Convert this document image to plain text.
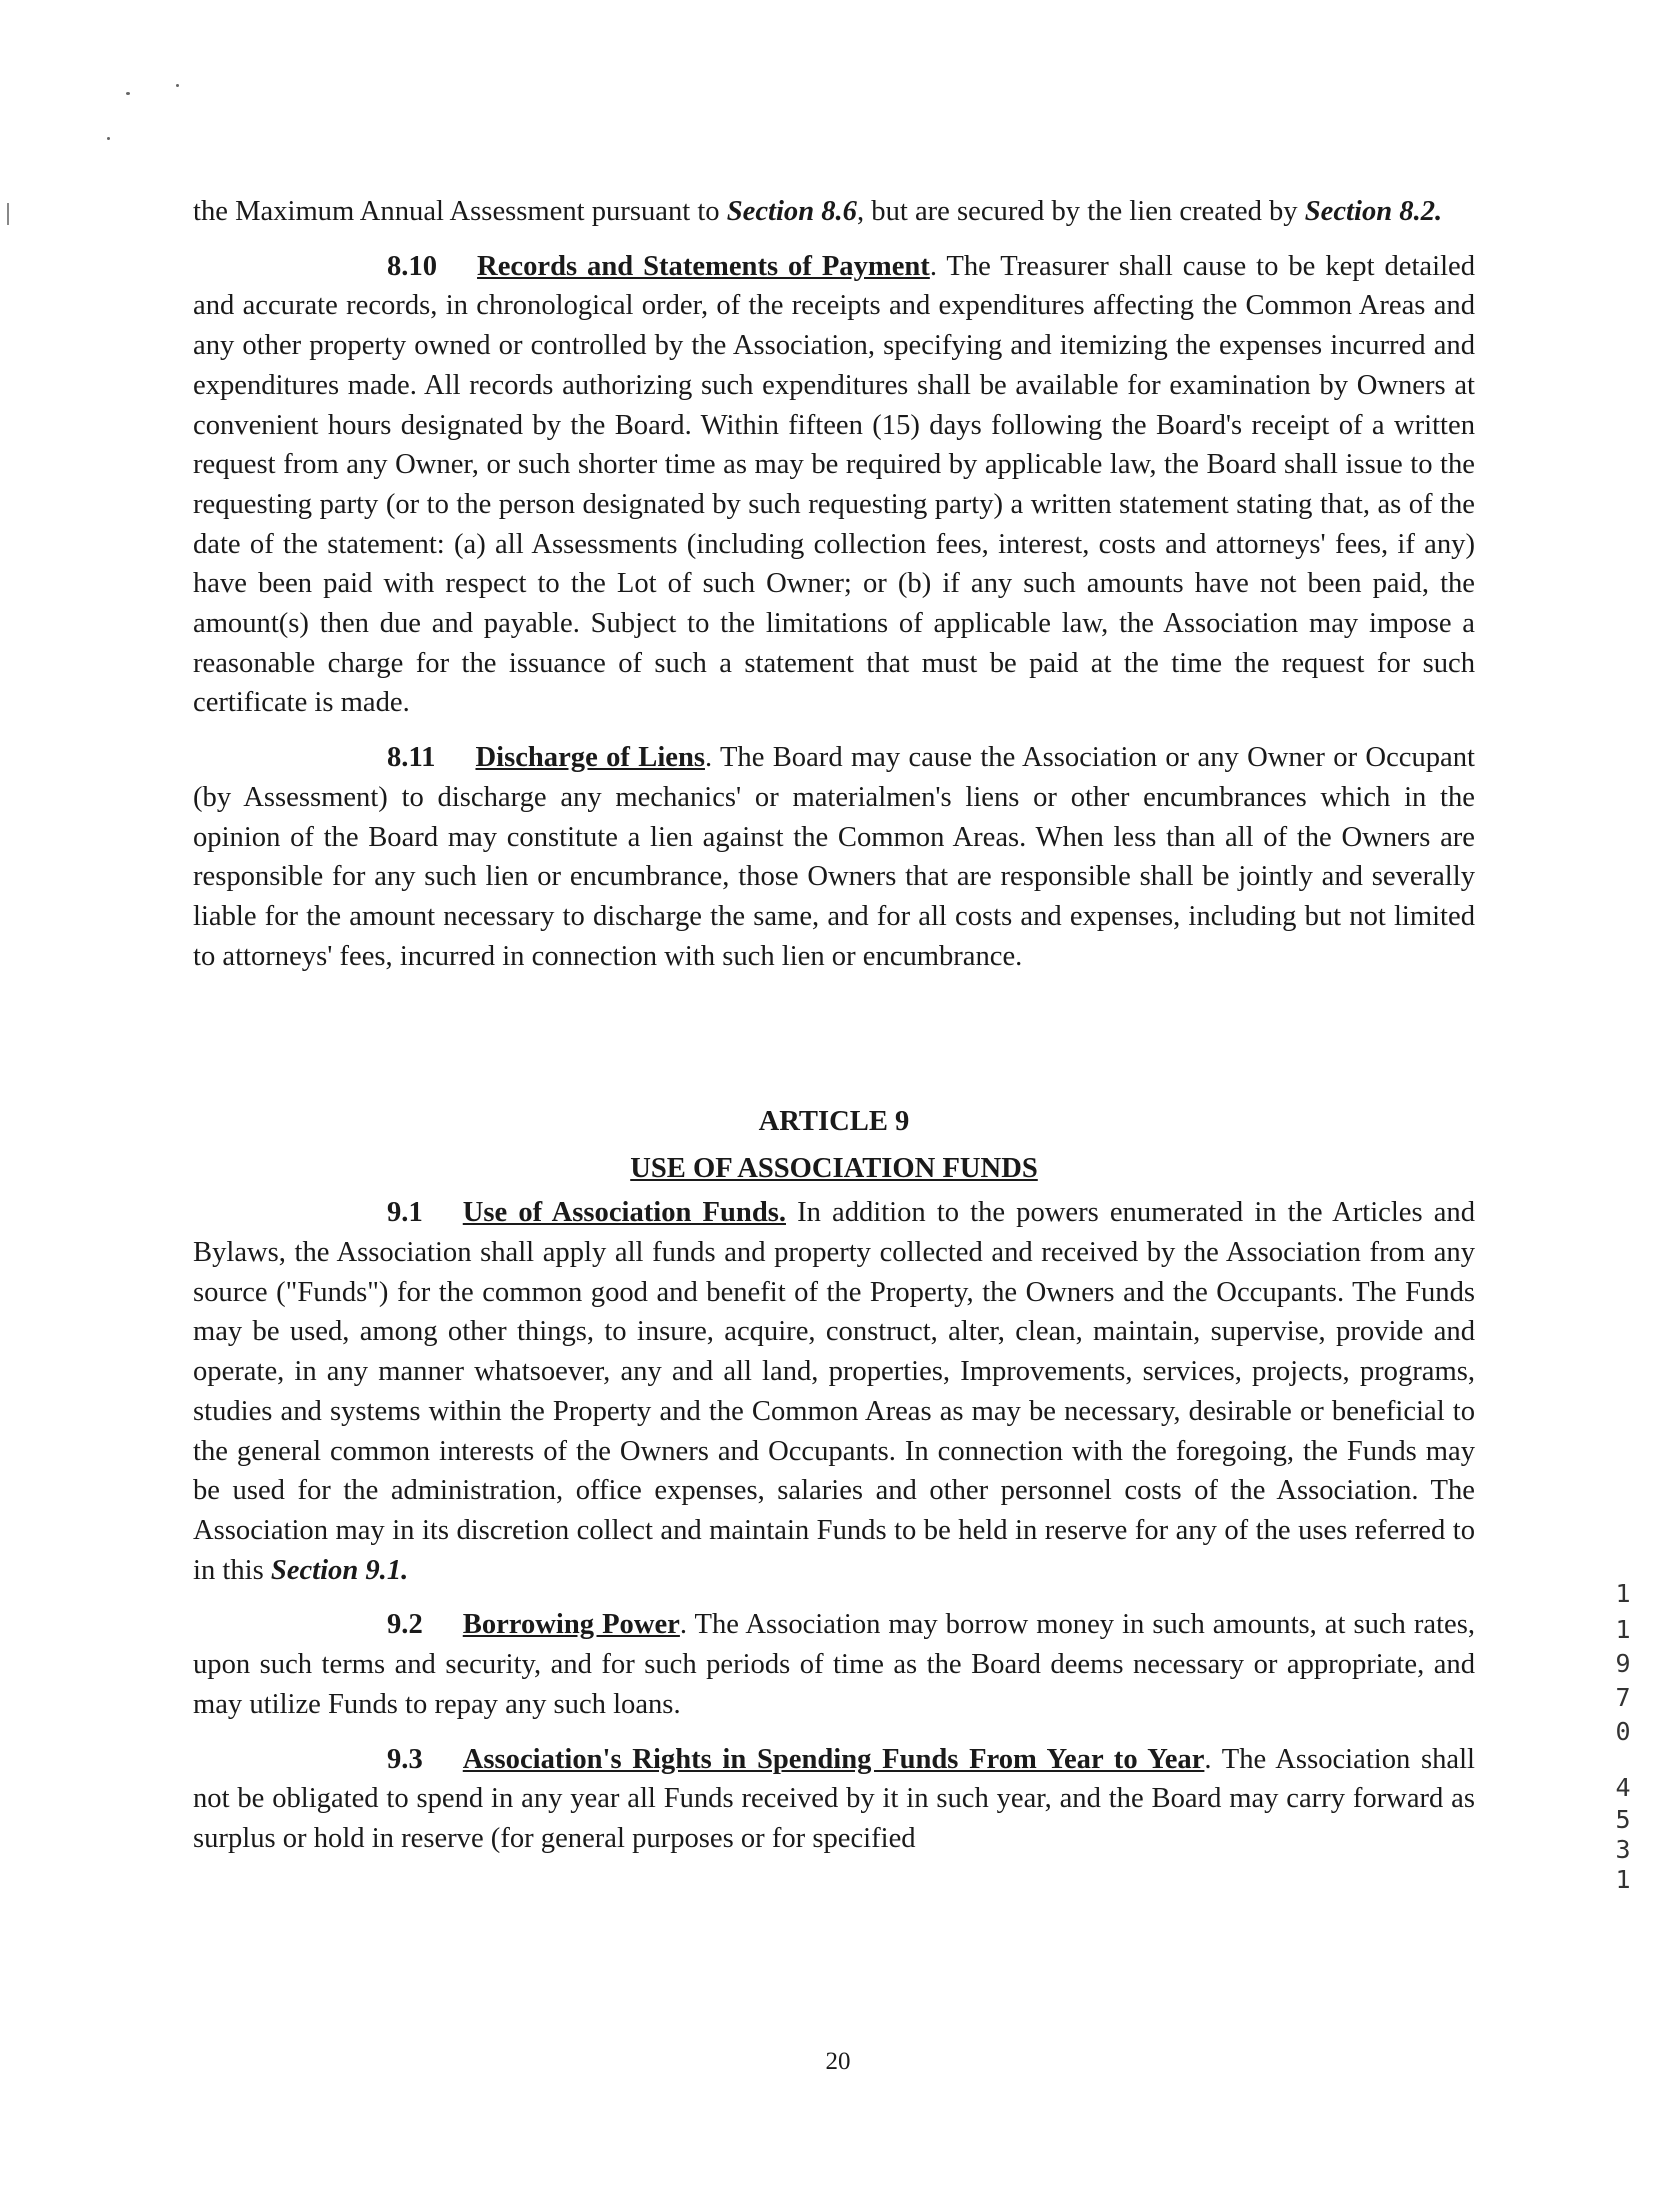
the Maximum Annual Assessment pursuant to Section 8.6, but are secured by the lien created by Section 8.2.

8.10 Records and Statements of Payment. The Treasurer shall cause to be kept detailed and accurate records, in chronological order, of the receipts and expenditures affecting the Common Areas and any other property owned or controlled by the Association, specifying and itemizing the expenses incurred and expenditures made. All records authorizing such expenditures shall be available for examination by Owners at convenient hours designated by the Board. Within fifteen (15) days following the Board's receipt of a written request from any Owner, or such shorter time as may be required by applicable law, the Board shall issue to the requesting party (or to the person designated by such requesting party) a written statement stating that, as of the date of the statement: (a) all Assessments (including collection fees, interest, costs and attorneys' fees, if any) have been paid with respect to the Lot of such Owner; or (b) if any such amounts have not been paid, the amount(s) then due and payable. Subject to the limitations of applicable law, the Association may impose a reasonable charge for the issuance of such a statement that must be paid at the time the request for such certificate is made.

8.11 Discharge of Liens. The Board may cause the Association or any Owner or Occupant (by Assessment) to discharge any mechanics' or materialmen's liens or other encumbrances which in the opinion of the Board may constitute a lien against the Common Areas. When less than all of the Owners are responsible for any such lien or encumbrance, those Owners that are responsible shall be jointly and severally liable for the amount necessary to discharge the same, and for all costs and expenses, including but not limited to attorneys' fees, incurred in connection with such lien or encumbrance.

ARTICLE 9

USE OF ASSOCIATION FUNDS

9.1 Use of Association Funds. In addition to the powers enumerated in the Articles and Bylaws, the Association shall apply all funds and property collected and received by the Association from any source ("Funds") for the common good and benefit of the Property, the Owners and the Occupants. The Funds may be used, among other things, to insure, acquire, construct, alter, clean, maintain, supervise, provide and operate, in any manner whatsoever, any and all land, properties, Improvements, services, projects, programs, studies and systems within the Property and the Common Areas as may be necessary, desirable or beneficial to the general common interests of the Owners and Occupants. In connection with the foregoing, the Funds may be used for the administration, office expenses, salaries and other personnel costs of the Association. The Association may in its discretion collect and maintain Funds to be held in reserve for any of the uses referred to in this Section 9.1.

9.2 Borrowing Power. The Association may borrow money in such amounts, at such rates, upon such terms and security, and for such periods of time as the Board deems necessary or appropriate, and may utilize Funds to repay any such loans.

9.3 Association's Rights in Spending Funds From Year to Year. The Association shall not be obligated to spend in any year all Funds received by it in such year, and the Board may carry forward as surplus or hold in reserve (for general purposes or for specified

1
1
9
7
0
4
5
3
1
20
